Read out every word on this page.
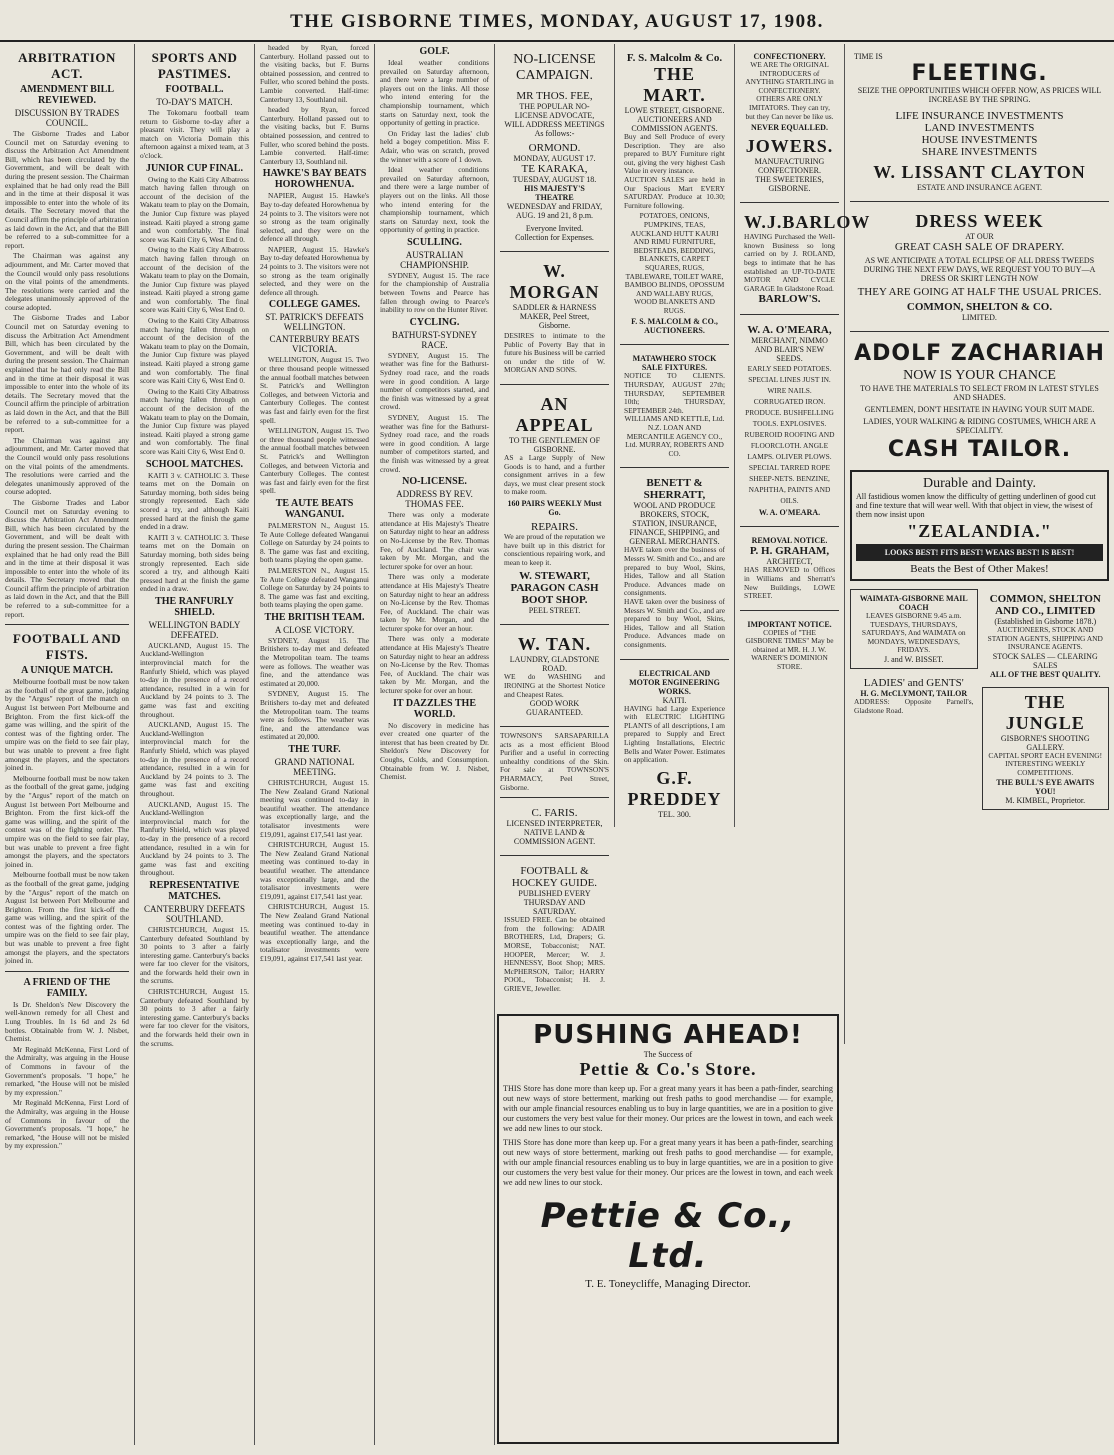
THE GISBORNE TIMES, MONDAY, AUGUST 17, 1908.
ARBITRATION ACT.
AMENDMENT BILL REVIEWED.
DISCUSSION BY TRADES COUNCIL.

The Gisborne Trades and Labor Council met on Saturday evening to discuss the Arbitration Act Amendment Bill, which has been circulated by the Government, and will be dealt with during the present session. The Chairman explained that he had only read the Bill and in the time at their disposal it was impossible to enter into the whole of its details. The Secretary moved that the Council affirm the principle of arbitration as laid down in the Act, and that the Bill be referred to a sub-committee for a report.

The Chairman was against any adjournment, and Mr. Carter moved that the Council would only pass resolutions on the vital points of the amendments. The resolutions were carried and the delegates unanimously approved of the course adopted.

The Gisborne Trades and Labor Council met on Saturday evening to discuss the Arbitration Act Amendment Bill, which has been circulated by the Government, and will be dealt with during the present session. The Chairman explained that he had only read the Bill and in the time at their disposal it was impossible to enter into the whole of its details. The Secretary moved that the Council affirm the principle of arbitration as laid down in the Act, and that the Bill be referred to a sub-committee for a report.

The Chairman was against any adjournment, and Mr. Carter moved that the Council would only pass resolutions on the vital points of the amendments. The resolutions were carried and the delegates unanimously approved of the course adopted.

The Gisborne Trades and Labor Council met on Saturday evening to discuss the Arbitration Act Amendment Bill, which has been circulated by the Government, and will be dealt with during the present session. The Chairman explained that he had only read the Bill and in the time at their disposal it was impossible to enter into the whole of its details. The Secretary moved that the Council affirm the principle of arbitration as laid down in the Act, and that the Bill be referred to a sub-committee for a report.

FOOTBALL AND FISTS.
A UNIQUE MATCH.

Melbourne football must be now taken as the football of the great game, judging by the "Argus" report of the match on August 1st between Port Melbourne and Brighton. From the first kick-off the game was willing, and the spirit of the contest was of the fighting order. The umpire was on the field to see fair play, but was unable to prevent a free fight amongst the players, and the spectators joined in.

Melbourne football must be now taken as the football of the great game, judging by the "Argus" report of the match on August 1st between Port Melbourne and Brighton. From the first kick-off the game was willing, and the spirit of the contest was of the fighting order. The umpire was on the field to see fair play, but was unable to prevent a free fight amongst the players, and the spectators joined in.

Melbourne football must be now taken as the football of the great game, judging by the "Argus" report of the match on August 1st between Port Melbourne and Brighton. From the first kick-off the game was willing, and the spirit of the contest was of the fighting order. The umpire was on the field to see fair play, but was unable to prevent a free fight amongst the players, and the spectators joined in.

A FRIEND OF THE FAMILY.

Is Dr. Sheldon's New Discovery the well-known remedy for all Chest and Lung Troubles. In 1s 6d and 2s 6d bottles. Obtainable from W. J. Nisbet, Chemist.

Mr Reginald McKenna, First Lord of the Admiralty, was arguing in the House of Commons in favour of the Government's proposals. "I hope," he remarked, "the House will not be misled by my expression."

Mr Reginald McKenna, First Lord of the Admiralty, was arguing in the House of Commons in favour of the Government's proposals. "I hope," he remarked, "the House will not be misled by my expression."

SPORTS AND PASTIMES.
FOOTBALL.
TO-DAY'S MATCH.

The Tokomaru football team return to Gisborne to-day after a pleasant visit. They will play a match on Victoria Domain this afternoon against a mixed team, at 3 o'clock.

JUNIOR CUP FINAL.

Owing to the Kaiti City Albatross match having fallen through on account of the decision of the Wakatu team to play on the Domain, the Junior Cup fixture was played instead. Kaiti played a strong game and won comfortably. The final score was Kaiti City 6, West End 0.

Owing to the Kaiti City Albatross match having fallen through on account of the decision of the Wakatu team to play on the Domain, the Junior Cup fixture was played instead. Kaiti played a strong game and won comfortably. The final score was Kaiti City 6, West End 0.

Owing to the Kaiti City Albatross match having fallen through on account of the decision of the Wakatu team to play on the Domain, the Junior Cup fixture was played instead. Kaiti played a strong game and won comfortably. The final score was Kaiti City 6, West End 0.

Owing to the Kaiti City Albatross match having fallen through on account of the decision of the Wakatu team to play on the Domain, the Junior Cup fixture was played instead. Kaiti played a strong game and won comfortably. The final score was Kaiti City 6, West End 0.

SCHOOL MATCHES.

KAITI 3 v. CATHOLIC 3. These teams met on the Domain on Saturday morning, both sides being strongly represented. Each side scored a try, and although Kaiti pressed hard at the finish the game ended in a draw.

KAITI 3 v. CATHOLIC 3. These teams met on the Domain on Saturday morning, both sides being strongly represented. Each side scored a try, and although Kaiti pressed hard at the finish the game ended in a draw.

THE RANFURLY SHIELD.
WELLINGTON BADLY DEFEATED.

AUCKLAND, August 15. The Auckland-Wellington interprovincial match for the Ranfurly Shield, which was played to-day in the presence of a record attendance, resulted in a win for Auckland by 24 points to 3. The game was fast and exciting throughout.

AUCKLAND, August 15. The Auckland-Wellington interprovincial match for the Ranfurly Shield, which was played to-day in the presence of a record attendance, resulted in a win for Auckland by 24 points to 3. The game was fast and exciting throughout.

AUCKLAND, August 15. The Auckland-Wellington interprovincial match for the Ranfurly Shield, which was played to-day in the presence of a record attendance, resulted in a win for Auckland by 24 points to 3. The game was fast and exciting throughout.

REPRESENTATIVE MATCHES.
CANTERBURY DEFEATS SOUTHLAND.

CHRISTCHURCH, August 15. Canterbury defeated Southland by 30 points to 3 after a fairly interesting game. Canterbury's backs were far too clever for the visitors, and the forwards held their own in the scrums.

CHRISTCHURCH, August 15. Canterbury defeated Southland by 30 points to 3 after a fairly interesting game. Canterbury's backs were far too clever for the visitors, and the forwards held their own in the scrums.

headed by Ryan, forced Canterbury. Holland passed out to the visiting backs, but F. Burns obtained possession, and centred to Fuller, who scored behind the posts. Lambie converted. Half-time: Canterbury 13, Southland nil.

headed by Ryan, forced Canterbury. Holland passed out to the visiting backs, but F. Burns obtained possession, and centred to Fuller, who scored behind the posts. Lambie converted. Half-time: Canterbury 13, Southland nil.

HAWKE'S BAY BEATS HOROWHENUA.

NAPIER, August 15. Hawke's Bay to-day defeated Horowhenua by 24 points to 3. The visitors were not so strong as the team originally selected, and they were on the defence all through.

NAPIER, August 15. Hawke's Bay to-day defeated Horowhenua by 24 points to 3. The visitors were not so strong as the team originally selected, and they were on the defence all through.

COLLEGE GAMES.
ST. PATRICK'S DEFEATS WELLINGTON.
CANTERBURY BEATS VICTORIA.

WELLINGTON, August 15. Two or three thousand people witnessed the annual football matches between St. Patrick's and Wellington Colleges, and between Victoria and Canterbury Colleges. The contest was fast and fairly even for the first spell.

WELLINGTON, August 15. Two or three thousand people witnessed the annual football matches between St. Patrick's and Wellington Colleges, and between Victoria and Canterbury Colleges. The contest was fast and fairly even for the first spell.

TE AUTE BEATS WANGANUI.

PALMERSTON N., August 15. Te Aute College defeated Wanganui College on Saturday by 24 points to 8. The game was fast and exciting, both teams playing the open game.

PALMERSTON N., August 15. Te Aute College defeated Wanganui College on Saturday by 24 points to 8. The game was fast and exciting, both teams playing the open game.

THE BRITISH TEAM.
A CLOSE VICTORY.

SYDNEY, August 15. The Britishers to-day met and defeated the Metropolitan team. The teams were as follows. The weather was fine, and the attendance was estimated at 20,000.

SYDNEY, August 15. The Britishers to-day met and defeated the Metropolitan team. The teams were as follows. The weather was fine, and the attendance was estimated at 20,000.

THE TURF.
GRAND NATIONAL MEETING.

CHRISTCHURCH, August 15. The New Zealand Grand National meeting was continued to-day in beautiful weather. The attendance was exceptionally large, and the totalisator investments were £19,091, against £17,541 last year.

CHRISTCHURCH, August 15. The New Zealand Grand National meeting was continued to-day in beautiful weather. The attendance was exceptionally large, and the totalisator investments were £19,091, against £17,541 last year.

CHRISTCHURCH, August 15. The New Zealand Grand National meeting was continued to-day in beautiful weather. The attendance was exceptionally large, and the totalisator investments were £19,091, against £17,541 last year.

GOLF.

Ideal weather conditions prevailed on Saturday afternoon, and there were a large number of players out on the links. All those who intend entering for the championship tournament, which starts on Saturday next, took the opportunity of getting in practice.

On Friday last the ladies' club held a bogey competition. Miss F. Adair, who was on scratch, proved the winner with a score of 1 down.

Ideal weather conditions prevailed on Saturday afternoon, and there were a large number of players out on the links. All those who intend entering for the championship tournament, which starts on Saturday next, took the opportunity of getting in practice.

SCULLING.
AUSTRALIAN CHAMPIONSHIP.

SYDNEY, August 15. The race for the championship of Australia between Towns and Pearce has fallen through owing to Pearce's inability to row on the Hunter River.

CYCLING.
BATHURST-SYDNEY RACE.

SYDNEY, August 15. The weather was fine for the Bathurst-Sydney road race, and the roads were in good condition. A large number of competitors started, and the finish was witnessed by a great crowd.

SYDNEY, August 15. The weather was fine for the Bathurst-Sydney road race, and the roads were in good condition. A large number of competitors started, and the finish was witnessed by a great crowd.

NO-LICENSE.
ADDRESS BY REV. THOMAS FEE.

There was only a moderate attendance at His Majesty's Theatre on Saturday night to hear an address on No-License by the Rev. Thomas Fee, of Auckland. The chair was taken by Mr. Morgan, and the lecturer spoke for over an hour.

There was only a moderate attendance at His Majesty's Theatre on Saturday night to hear an address on No-License by the Rev. Thomas Fee, of Auckland. The chair was taken by Mr. Morgan, and the lecturer spoke for over an hour.

There was only a moderate attendance at His Majesty's Theatre on Saturday night to hear an address on No-License by the Rev. Thomas Fee, of Auckland. The chair was taken by Mr. Morgan, and the lecturer spoke for over an hour.

IT DAZZLES THE WORLD.

No discovery in medicine has ever created one quarter of the interest that has been created by Dr. Sheldon's New Discovery for Coughs, Colds, and Consumption. Obtainable from W. J. Nisbet, Chemist.

NO-LICENSE CAMPAIGN.
MR THOS. FEE,
THE POPULAR NO-LICENSE ADVOCATE,
WILL ADDRESS MEETINGS As follows:-
ORMOND.
MONDAY, AUGUST 17.
TE KARAKA,
TUESDAY, AUGUST 18.
HIS MAJESTY'S THEATRE
WEDNESDAY and FRIDAY, AUG. 19 and 21, 8 p.m.
Everyone Invited.
Collection for Expenses.
W. MORGAN
SADDLER & HARNESS MAKER, Peel Street, Gisborne.
DESIRES to intimate to the Public of Poverty Bay that in future his Business will be carried on under the title of W. MORGAN AND SONS.
AN APPEAL
TO THE GENTLEMEN OF GISBORNE.
AS a Large Supply of New Goods is to hand, and a further consignment arrives in a few days, we must clear present stock to make room.
160 PAIRS WEEKLY Must Go.
REPAIRS.
We are proud of the reputation we have built up in this district for conscientious repairing work, and mean to keep it.
W. STEWART, PARAGON CASH BOOT SHOP.
PEEL STREET.
W. TAN.
LAUNDRY, GLADSTONE ROAD.
WE do WASHING and IRONING at the Shortest Notice and Cheapest Rates.
GOOD WORK GUARANTEED.
TOWNSON'S SARSAPARILLA acts as a most efficient Blood Purifier and a useful in correcting unhealthy conditions of the Skin. For sale at TOWNSON'S PHARMACY, Peel Street, Gisborne.
C. FARIS.
LICENSED INTERPRETER, NATIVE LAND & COMMISSION AGENT.
FOOTBALL & HOCKEY GUIDE.
PUBLISHED EVERY THURSDAY AND SATURDAY.
ISSUED FREE. Can be obtained from the following: ADAIR BROTHERS, Ltd, Drapers; G. MORSE, Tobacconist; NAT. HOOPER, Mercer; W. J. HENNESSY, Boot Shop; MRS. McPHERSON, Tailor; HARRY POOL, Tobacconist; H. J. GRIEVE, Jeweller.
F. S. Malcolm & Co.
THE MART.
LOWE STREET, GISBORNE.
AUCTIONEERS AND COMMISSION AGENTS.
Buy and Sell Produce of every Description. They are also prepared to BUY Furniture right out, giving the very highest Cash Value in every instance.
AUCTION SALES are held in Our Spacious Mart EVERY SATURDAY. Produce at 10.30; Furniture following.
POTATOES, ONIONS, PUMPKINS, TEAS, AUCKLAND HUTT KAURI AND RIMU FURNITURE, BEDSTEADS, BEDDING, BLANKETS, CARPET SQUARES, RUGS, TABLEWARE, TOILET WARE, BAMBOO BLINDS, OPOSSUM AND WALLABY RUGS, WOOD BLANKETS AND RUGS.
F. S. MALCOLM & CO., AUCTIONEERS.
MATAWHERO STOCK SALE FIXTURES.
NOTICE TO CLIENTS. THURSDAY, AUGUST 27th; THURSDAY, SEPTEMBER 10th; THURSDAY, SEPTEMBER 24th.
WILLIAMS AND KETTLE, Ltd. N.Z. LOAN AND MERCANTILE AGENCY CO., Ltd. MURRAY, ROBERTS AND CO.
BENETT & SHERRATT,
WOOL AND PRODUCE BROKERS, STOCK, STATION, INSURANCE, FINANCE, SHIPPING, and GENERAL MERCHANTS.
HAVE taken over the business of Messrs W. Smith and Co., and are prepared to buy Wool, Skins, Hides, Tallow and all Station Produce. Advances made on consignments.
HAVE taken over the business of Messrs W. Smith and Co., and are prepared to buy Wool, Skins, Hides, Tallow and all Station Produce. Advances made on consignments.
ELECTRICAL AND MOTOR ENGINEERING WORKS.
KAITI.
HAVING had Large Experience with ELECTRIC LIGHTING PLANTS of all descriptions, I am prepared to Supply and Erect Lighting Installations, Electric Bells and Water Power. Estimates on application.
G.F. PREDDEY
TEL. 300.
CONFECTIONERY.
WE ARE The ORIGINAL INTRODUCERS of ANYTHING STARTLING in CONFECTIONERY. OTHERS ARE ONLY IMITATORS. They can try, but they Can never be like us.
NEVER EQUALLED.
JOWERS.
MANUFACTURING CONFECTIONER.
THE SWEETERIES, GISBORNE.
W.J.BARLOW
HAVING Purchased the Well-known Business so long carried on by J. ROLAND, begs to intimate that he has established an UP-TO-DATE MOTOR AND CYCLE GARAGE In Gladstone Road.
BARLOW'S.
W. A. O'MEARA,
MERCHANT, NIMMO AND BLAIR'S NEW SEEDS.
EARLY SEED POTATOES. SPECIAL LINES JUST IN. WIRE NAILS. CORRUGATED IRON. PRODUCE. BUSHFELLING TOOLS. EXPLOSIVES. RUBEROID ROOFING AND FLOORCLOTH. ANGLE LAMPS. OLIVER PLOWS. SPECIAL TARRED ROPE SHEEP-NETS. BENZINE, NAPHTHA, PAINTS AND OILS.
W. A. O'MEARA.
REMOVAL NOTICE.
P. H. GRAHAM,
ARCHITECT,
HAS REMOVED to Offices in Williams and Sherratt's New Buildings, LOWE STREET.
IMPORTANT NOTICE.
COPIES of "THE GISBORNE TIMES" May be obtained at MR. H. J. W. WARNER'S DOMINION STORE.
TIME IS
FLEETING.
SEIZE THE OPPORTUNITIES WHICH OFFER NOW, AS PRICES WILL INCREASE BY THE SPRING.
LIFE INSURANCE INVESTMENTS
LAND INVESTMENTS
HOUSE INVESTMENTS
SHARE INVESTMENTS
W. LISSANT CLAYTON
ESTATE AND INSURANCE AGENT.
DRESS WEEK
AT OUR
GREAT CASH SALE OF DRAPERY.
AS WE ANTICIPATE A TOTAL ECLIPSE OF ALL DRESS TWEEDS DURING THE NEXT FEW DAYS, WE REQUEST YOU TO BUY—A DRESS OR SKIRT LENGTH NOW
THEY ARE GOING AT HALF THE USUAL PRICES.
COMMON, SHELTON & CO.
LIMITED.
ADOLF ZACHARIAH
NOW IS YOUR CHANCE
TO HAVE THE MATERIALS TO SELECT FROM IN LATEST STYLES AND SHADES.
GENTLEMEN, DON'T HESITATE IN HAVING YOUR SUIT MADE.
LADIES, YOUR WALKING & RIDING COSTUMES, WHICH ARE A SPECIALITY.
CASH TAILOR.
Durable and Dainty.
All fastidious women know the difficulty of getting underlinen of good cut and fine texture that will wear well. With that object in view, the wisest of them now insist upon
"ZEALANDIA."
LOOKS BEST! FITS BEST! WEARS BEST! IS BEST!
Beats the Best of Other Makes!
WAIMATA-GISBORNE MAIL COACH
LEAVES GISBORNE 9.45 a.m. TUESDAYS, THURSDAYS, SATURDAYS, And WAIMATA on MONDAYS, WEDNESDAYS, FRIDAYS.
J. and W. BISSET.
LADIES' and GENTS'
H. G. McCLYMONT, TAILOR
ADDRESS: Opposite Parnell's, Gladstone Road.
COMMON, SHELTON AND CO., LIMITED
(Established in Gisborne 1878.)
AUCTIONEERS, STOCK AND STATION AGENTS, SHIPPING AND INSURANCE AGENTS.
STOCK SALES — CLEARING SALES
ALL OF THE BEST QUALITY.
THE JUNGLE
GISBORNE'S SHOOTING GALLERY.
CAPITAL SPORT EACH EVENING! INTERESTING WEEKLY COMPETITIONS.
THE BULL'S EYE AWAITS YOU!
M. KIMBEL, Proprietor.
PUSHING AHEAD!
The Success of
Pettie & Co.'s Store.
THIS Store has done more than keep up. For a great many years it has been a path-finder, searching out new ways of store betterment, marking out fresh paths to good merchandise — for example, with our ample financial resources enabling us to buy in large quantities, we are in a position to give our customers the very best value for their money. Our prices are the lowest in town, and each week we add new lines to our stock.
THIS Store has done more than keep up. For a great many years it has been a path-finder, searching out new ways of store betterment, marking out fresh paths to good merchandise — for example, with our ample financial resources enabling us to buy in large quantities, we are in a position to give our customers the very best value for their money. Our prices are the lowest in town, and each week we add new lines to our stock.
Pettie & Co., Ltd.
T. E. Toneycliffe, Managing Director.
